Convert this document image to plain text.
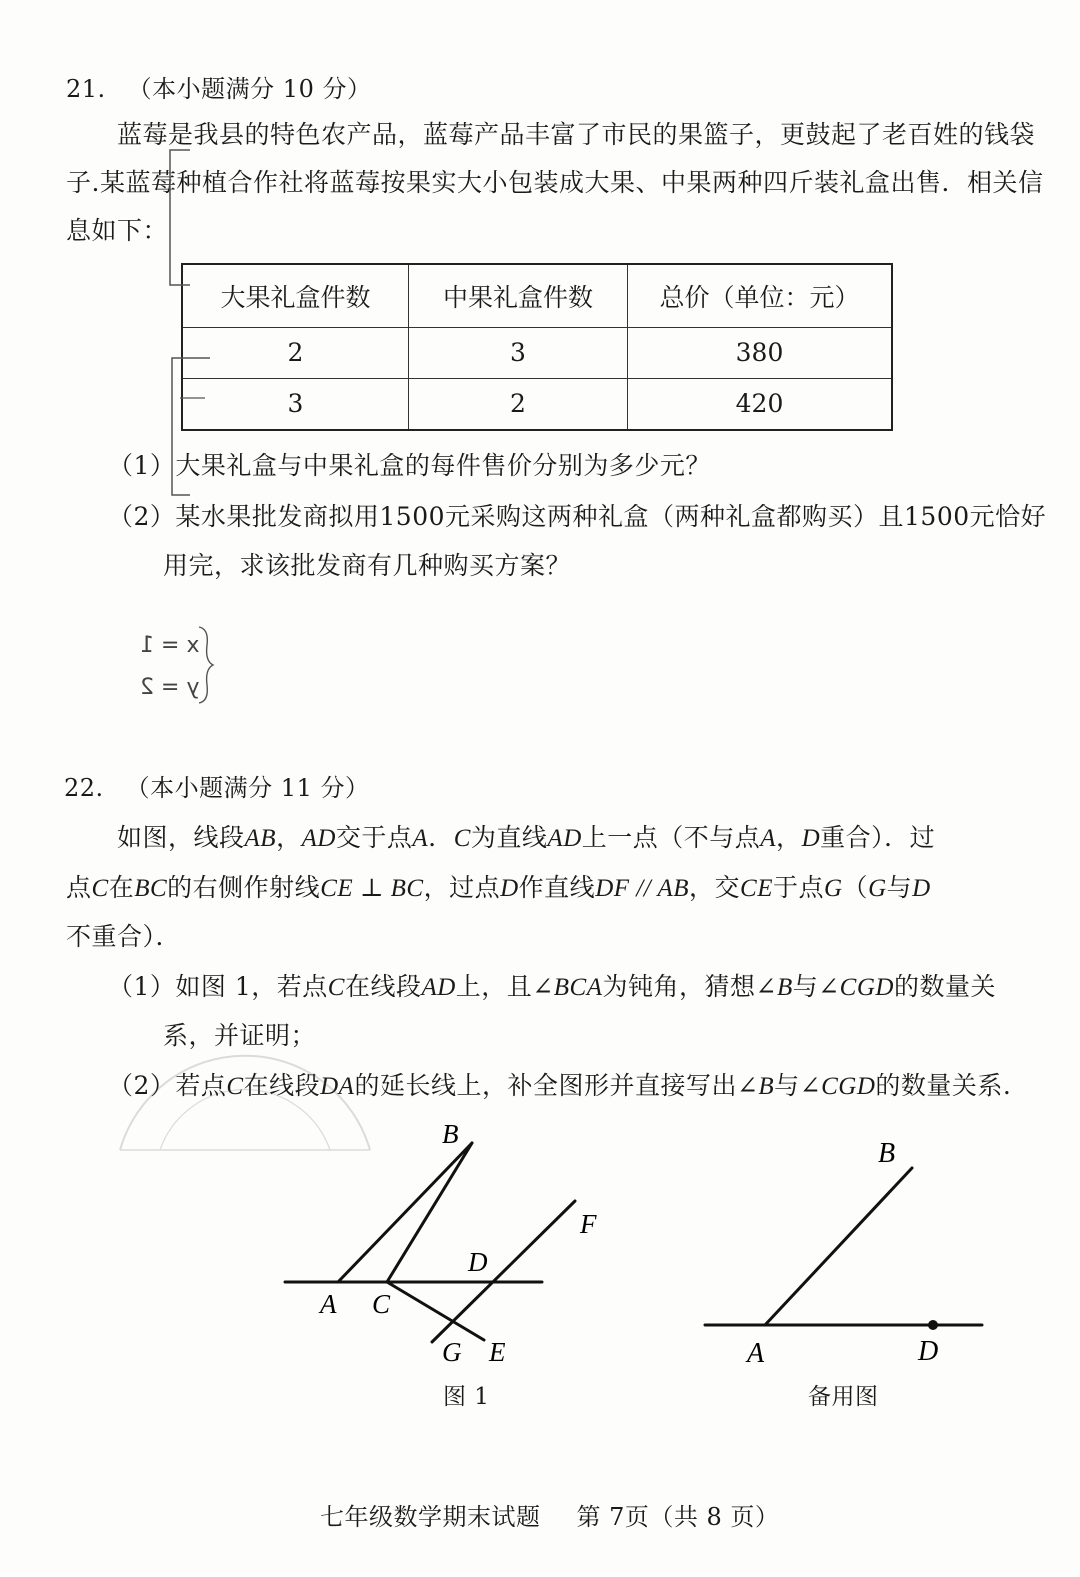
21. （本小题满分 10 分）
蓝莓是我县的特色农产品，蓝莓产品丰富了市民的果篮子，更鼓起了老百姓的钱袋
子.某蓝莓种植合作社将蓝莓按果实大小包装成大果、中果两种四斤装礼盒出售．相关信
息如下：
大果礼盒件数	中果礼盒件数	总价（单位：元）
2	3	380
3	2	420
（1）大果礼盒与中果礼盒的每件售价分别为多少元？
（2）某水果批发商拟用1500元采购这两种礼盒（两种礼盒都购买）且1500元恰好
用完，求该批发商有几种购买方案？
x = 1
y = 2
22. （本小题满分 11 分）
如图，线段AB，AD交于点A．C为直线AD上一点（不与点A，D重合）．过
点C在BC的右侧作射线CE ⊥ BC，过点D作直线DF // AB，交CE于点G（G与D
不重合）．
（1）如图 1，若点C在线段AD上，且∠BCA为钝角，猜想∠B与∠CGD的数量关
系，并证明；
（2）若点C在线段DA的延长线上，补全图形并直接写出∠B与∠CGD的数量关系.
B
F
D
A C
G E
图 1
B
A	D
备用图
七年级数学期末试题 第 7页（共 8 页）
